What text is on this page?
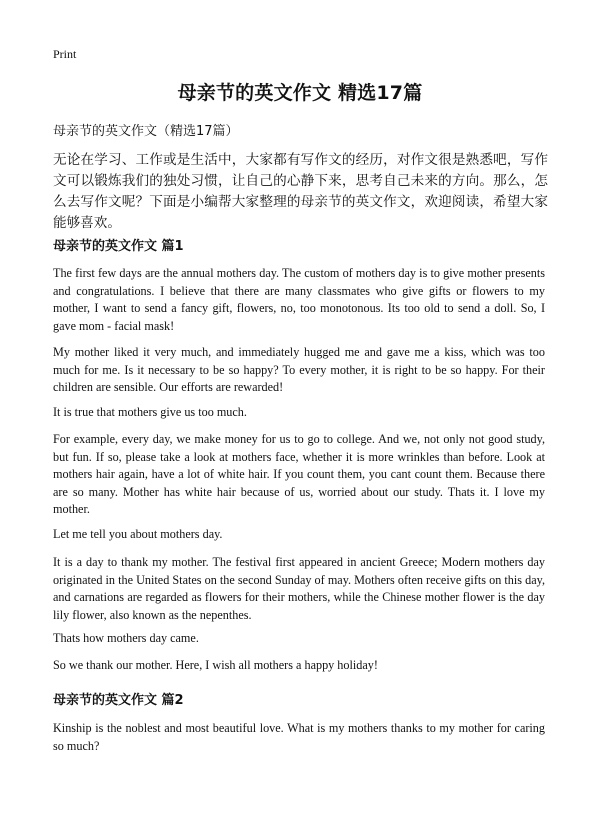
Print
母亲节的英文作文 精选17篇
母亲节的英文作文（精选17篇）
无论在学习、工作或是生活中，大家都有写作文的经历，对作文很是熟悉吧，写作文可以锻炼我们的独处习惯，让自己的心静下来，思考自己未来的方向。那么，怎么去写作文呢？下面是小编帮大家整理的母亲节的英文作文，欢迎阅读，希望大家能够喜欢。
母亲节的英文作文 篇1

The first few days are the annual mothers day. The custom of mothers day is to give mother presents and congratulations. I believe that there are many classmates who give gifts or flowers to my mother, I want to send a fancy gift, flowers, no, too monotonous. Its too old to send a doll. So, I gave mom - facial mask!

My mother liked it very much, and immediately hugged me and gave me a kiss, which was too much for me. Is it necessary to be so happy? To every mother, it is right to be so happy. For their children are sensible. Our efforts are rewarded!

It is true that mothers give us too much.

For example, every day, we make money for us to go to college. And we, not only not good study, but fun. If so, please take a look at mothers face, whether it is more wrinkles than before. Look at mothers hair again, have a lot of white hair. If you count them, you cant count them. Because there are so many. Mother has white hair because of us, worried about our study. Thats it. I love my mother.

Let me tell you about mothers day.

It is a day to thank my mother. The festival first appeared in ancient Greece; Modern mothers day originated in the United States on the second Sunday of may. Mothers often receive gifts on this day, and carnations are regarded as flowers for their mothers, while the Chinese mother flower is the day lily flower, also known as the nepenthes.

Thats how mothers day came.

So we thank our mother. Here, I wish all mothers a happy holiday!

母亲节的英文作文 篇2

Kinship is the noblest and most beautiful love. What is my mothers thanks to my mother for caring so much?
